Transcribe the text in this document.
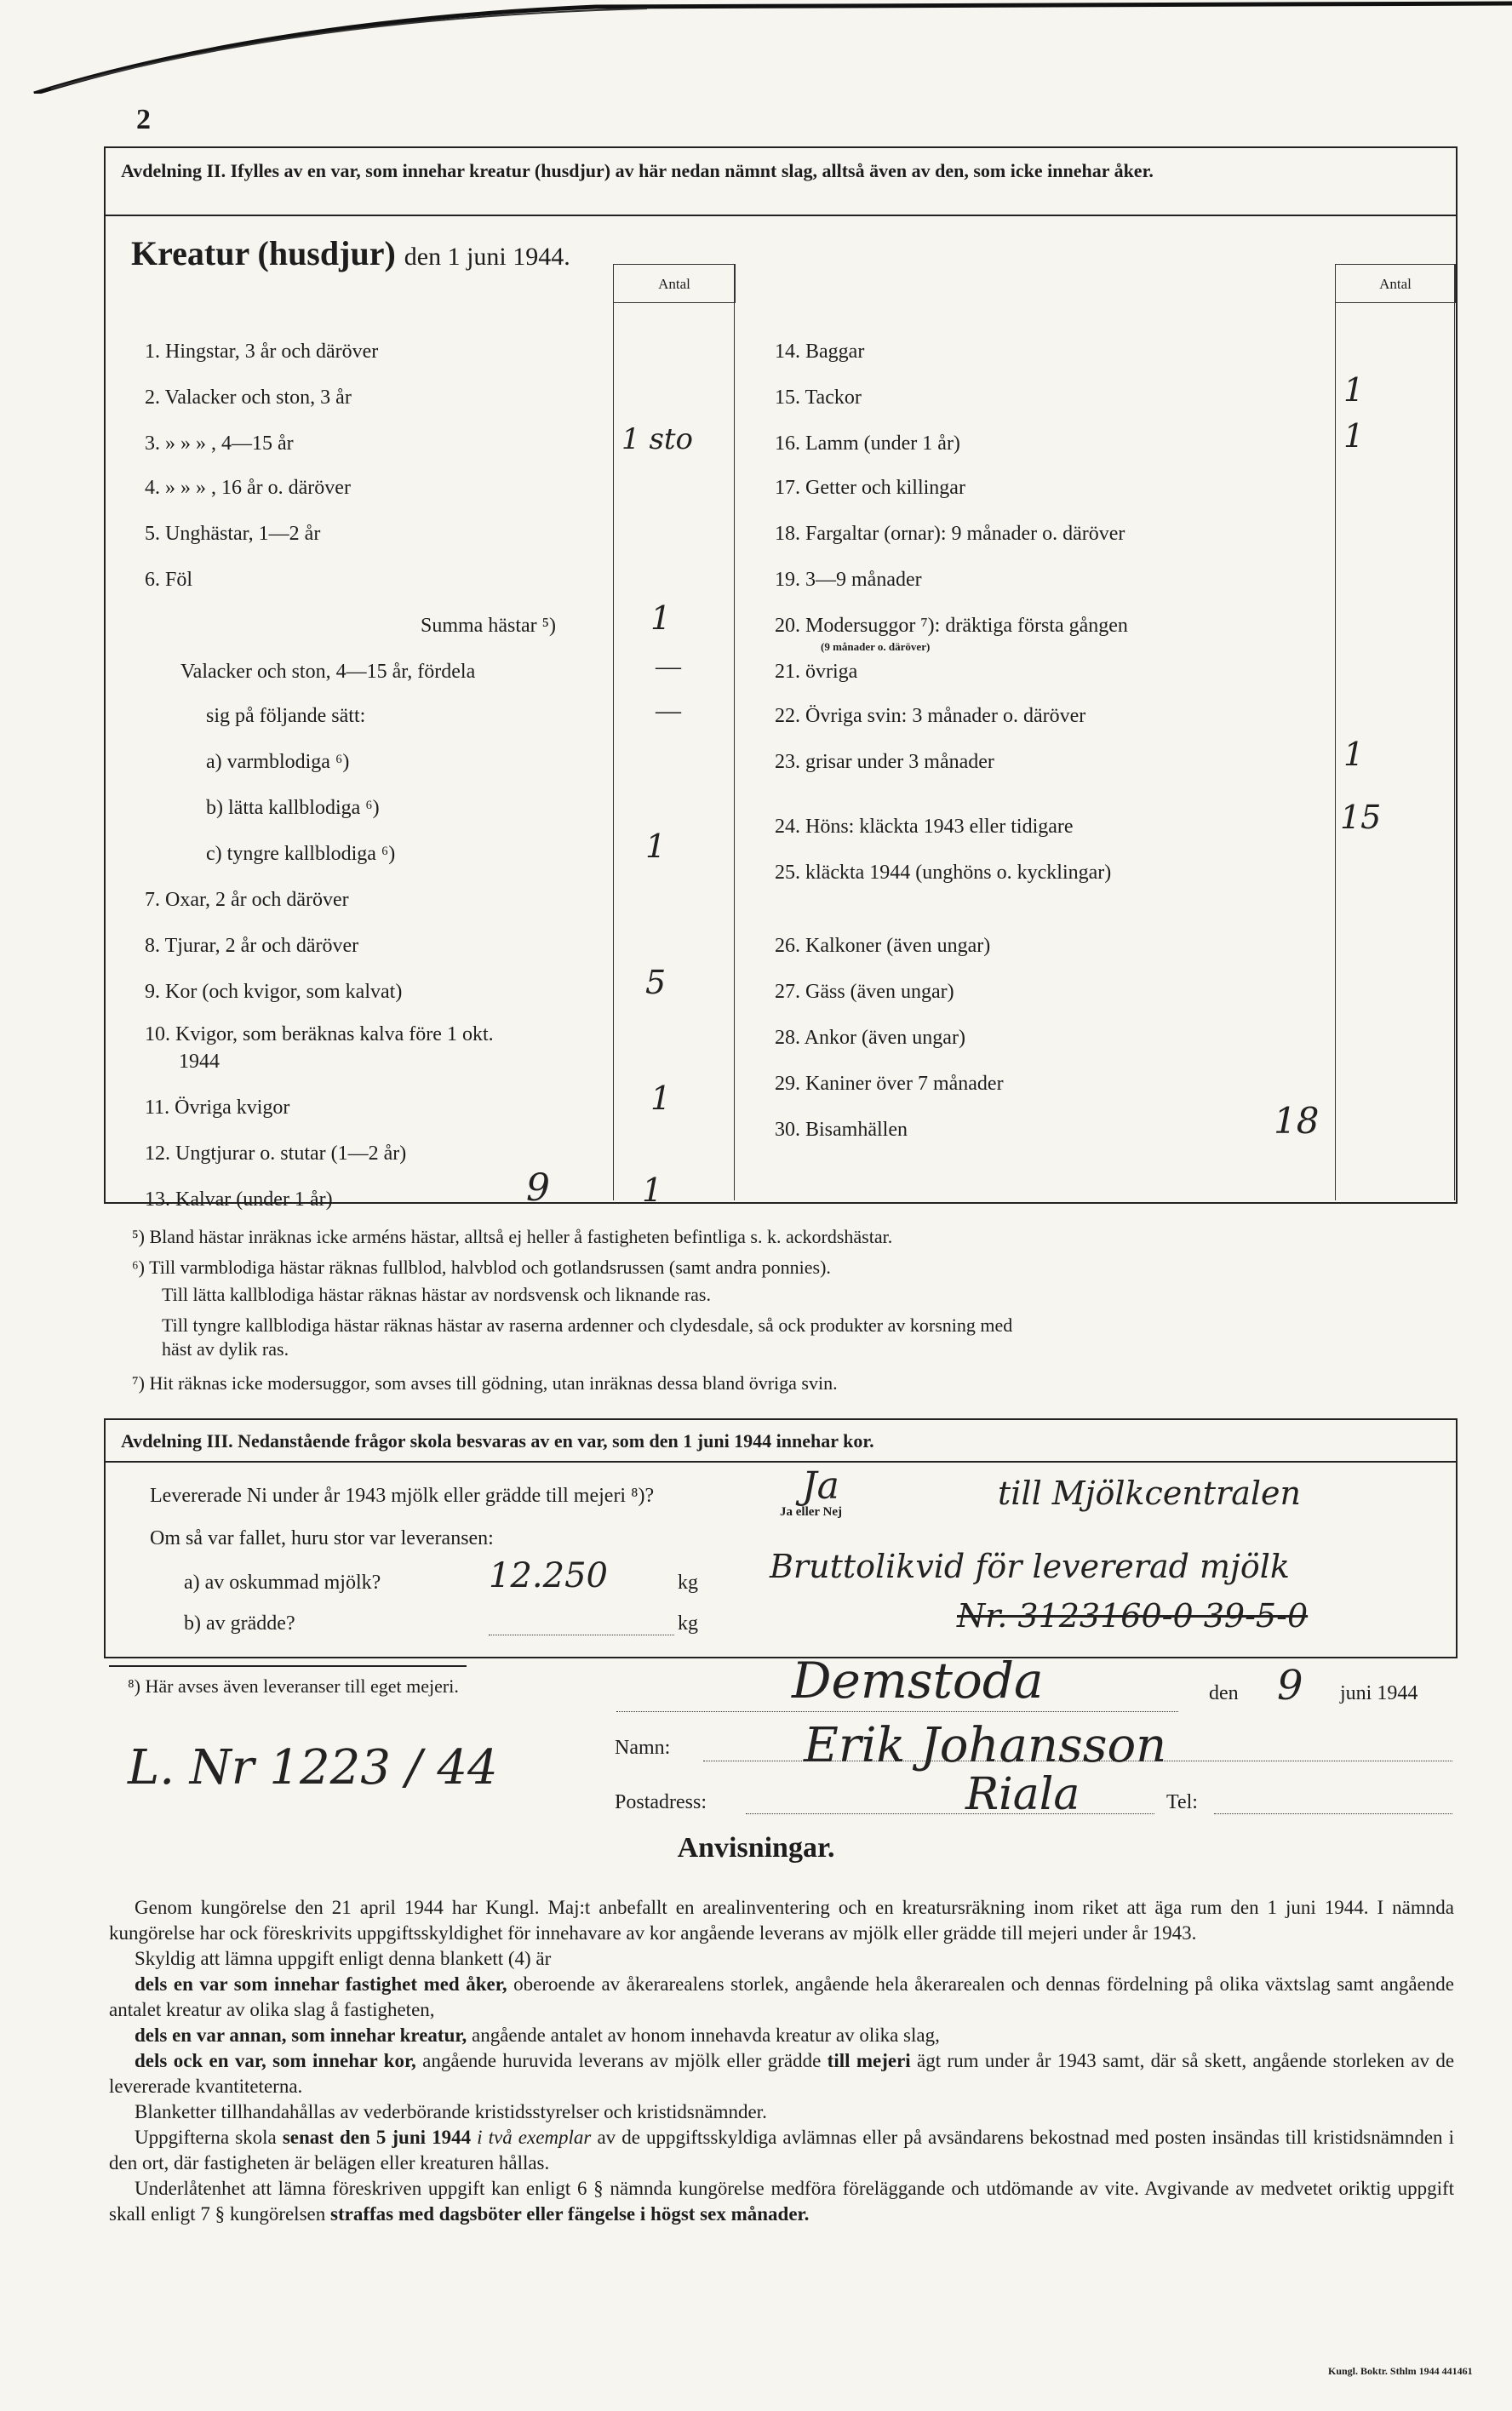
2
Avdelning II. Ifylles av en var, som innehar kreatur (husdjur) av här nedan nämnt slag, alltså även av den, som icke innehar åker.
Kreatur (husdjur) den 1 juni 1944.
Antal	Antal
1. Hingstar, 3 år och däröver
2. Valacker och ston, 3 år
3. » » » , 4—15 år	1 sto
4. » » » , 16 år o. däröver
5. Unghästar, 1—2 år
6. Föl
Summa hästar ⁵)	1
Valacker och ston, 4—15 år, fördela	—
sig på följande sätt:	—
a) varmblodiga ⁶)
b) lätta kallblodiga ⁶)
c) tyngre kallblodiga ⁶)	1
7. Oxar, 2 år och däröver
8. Tjurar, 2 år och däröver
9. Kor (och kvigor, som kalvat)	5
10. Kvigor, som beräknas kalva före 1 okt.
1944
11. Övriga kvigor	1
12. Ungtjurar o. stutar (1—2 år)
13. Kalvar (under 1 år)	9	1
14. Baggar
15. Tackor	1
16. Lamm (under 1 år)	1
17. Getter och killingar
18. Fargaltar (ornar): 9 månader o. däröver
19. 3—9 månader
20. Modersuggor ⁷): dräktiga första gången
(9 månader o. däröver)
21. övriga
22. Övriga svin: 3 månader o. däröver
23. grisar under 3 månader	1
24. Höns: kläckta 1943 eller tidigare	15
25. kläckta 1944 (unghöns o. kycklingar)
26. Kalkoner (även ungar)
27. Gäss (även ungar)
28. Ankor (även ungar)
29. Kaniner över 7 månader
30. Bisamhällen	18
⁵) Bland hästar inräknas icke arméns hästar, alltså ej heller å fastigheten befintliga s. k. ackordshästar.
⁶) Till varmblodiga hästar räknas fullblod, halvblod och gotlandsrussen (samt andra ponnies).
Till lätta kallblodiga hästar räknas hästar av nordsvensk och liknande ras.
Till tyngre kallblodiga hästar räknas hästar av raserna ardenner och clydesdale, så ock produkter av korsning med
häst av dylik ras.
⁷) Hit räknas icke modersuggor, som avses till gödning, utan inräknas dessa bland övriga svin.
Avdelning III. Nedanstående frågor skola besvaras av en var, som den 1 juni 1944 innehar kor.
Levererade Ni under år 1943 mjölk eller grädde till mejeri ⁸)?	Ja
Ja eller Nej	till Mjölkcentralen
Om så var fallet, huru stor var leveransen:
a) av oskummad mjölk?	12.250	kg
b) av grädde?	kg
Bruttolikvid för levererad mjölk
Nr. 3123160-0 39-5-0
⁸) Här avses även leveranser till eget mejeri.
L. Nr 1223 / 44
Demstoda	den 9 juni 1944
Namn:	Erik Johansson
Postadress:	Riala	Tel:
Anvisningar.

Genom kungörelse den 21 april 1944 har Kungl. Maj:t anbefallt en arealinventering och en kreatursräkning inom riket att äga rum den 1 juni 1944. I nämnda kungörelse har ock föreskrivits uppgiftsskyldighet för innehavare av kor angående leverans av mjölk eller grädde till mejeri under år 1943.

Skyldig att lämna uppgift enligt denna blankett (4) är

dels en var som innehar fastighet med åker, oberoende av åkerarealens storlek, angående hela åkerarealen och dennas fördelning på olika växtslag samt angående antalet kreatur av olika slag å fastigheten,

dels en var annan, som innehar kreatur, angående antalet av honom innehavda kreatur av olika slag,

dels ock en var, som innehar kor, angående huruvida leverans av mjölk eller grädde till mejeri ägt rum under år 1943 samt, där så skett, angående storleken av de levererade kvantiteterna.

Blanketter tillhandahållas av vederbörande kristidsstyrelser och kristidsnämnder.

Uppgifterna skola senast den 5 juni 1944 i två exemplar av de uppgiftsskyldiga avlämnas eller på avsändarens bekostnad med posten insändas till kristidsnämnden i den ort, där fastigheten är belägen eller kreaturen hållas.

Underlåtenhet att lämna föreskriven uppgift kan enligt 6 § nämnda kungörelse medföra föreläggande och utdömande av vite. Avgivande av medvetet oriktig uppgift skall enligt 7 § kungörelsen straffas med dagsböter eller fängelse i högst sex månader.

Kungl. Boktr. Sthlm 1944 441461
